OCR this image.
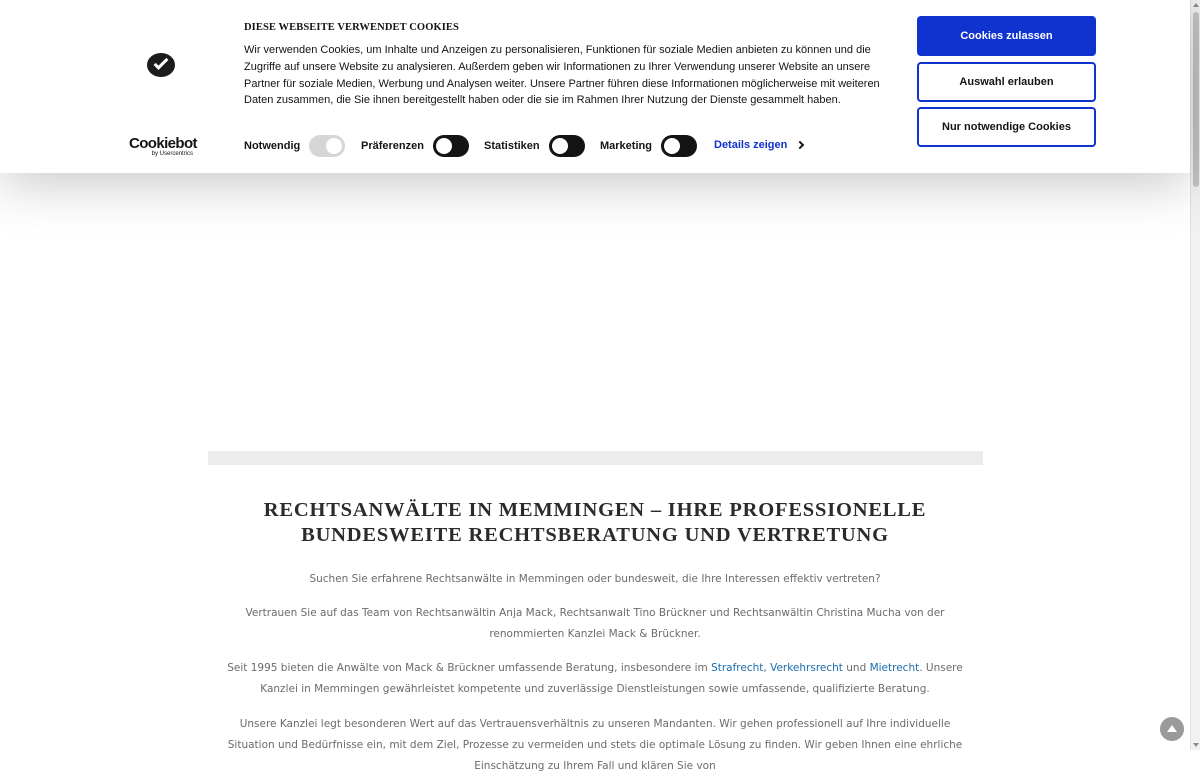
Cookiebot
by Usercentrics
DIESE WEBSEITE VERWENDET COOKIES
Wir verwenden Cookies, um Inhalte und Anzeigen zu personalisieren, Funktionen für soziale Medien anbieten zu können und die Zugriffe auf unsere Website zu analysieren. Außerdem geben wir Informationen zu Ihrer Verwendung unserer Website an unsere Partner für soziale Medien, Werbung und Analysen weiter. Unsere Partner führen diese Informationen möglicherweise mit weiteren Daten zusammen, die Sie ihnen bereitgestellt haben oder die sie im Rahmen Ihrer Nutzung der Dienste gesammelt haben.
Notwendig	Präferenzen	Statistiken	Marketing	Details zeigen
Cookies zulassen
Auswahl erlauben
Nur notwendige Cookies
RECHTSANWÄLTE IN MEMMINGEN – IHRE PROFESSIONELLE BUNDESWEITE RECHTSBERATUNG UND VERTRETUNG

Suchen Sie erfahrene Rechtsanwälte in Memmingen oder bundesweit, die Ihre Interessen effektiv vertreten?

Vertrauen Sie auf das Team von Rechtsanwältin Anja Mack, Rechtsanwalt Tino Brückner und Rechtsanwältin Christina Mucha von der renommierten Kanzlei Mack & Brückner.

Seit 1995 bieten die Anwälte von Mack & Brückner umfassende Beratung, insbesondere im Strafrecht, Verkehrsrecht und Mietrecht. Unsere Kanzlei in Memmingen gewährleistet kompetente und zuverlässige Dienstleistungen sowie umfassende, qualifizierte Beratung.

Unsere Kanzlei legt besonderen Wert auf das Vertrauensverhältnis zu unseren Mandanten. Wir gehen professionell auf Ihre individuelle Situation und Bedürfnisse ein, mit dem Ziel, Prozesse zu vermeiden und stets die optimale Lösung zu finden. Wir geben Ihnen eine ehrliche Einschätzung zu Ihrem Fall und klären Sie von
